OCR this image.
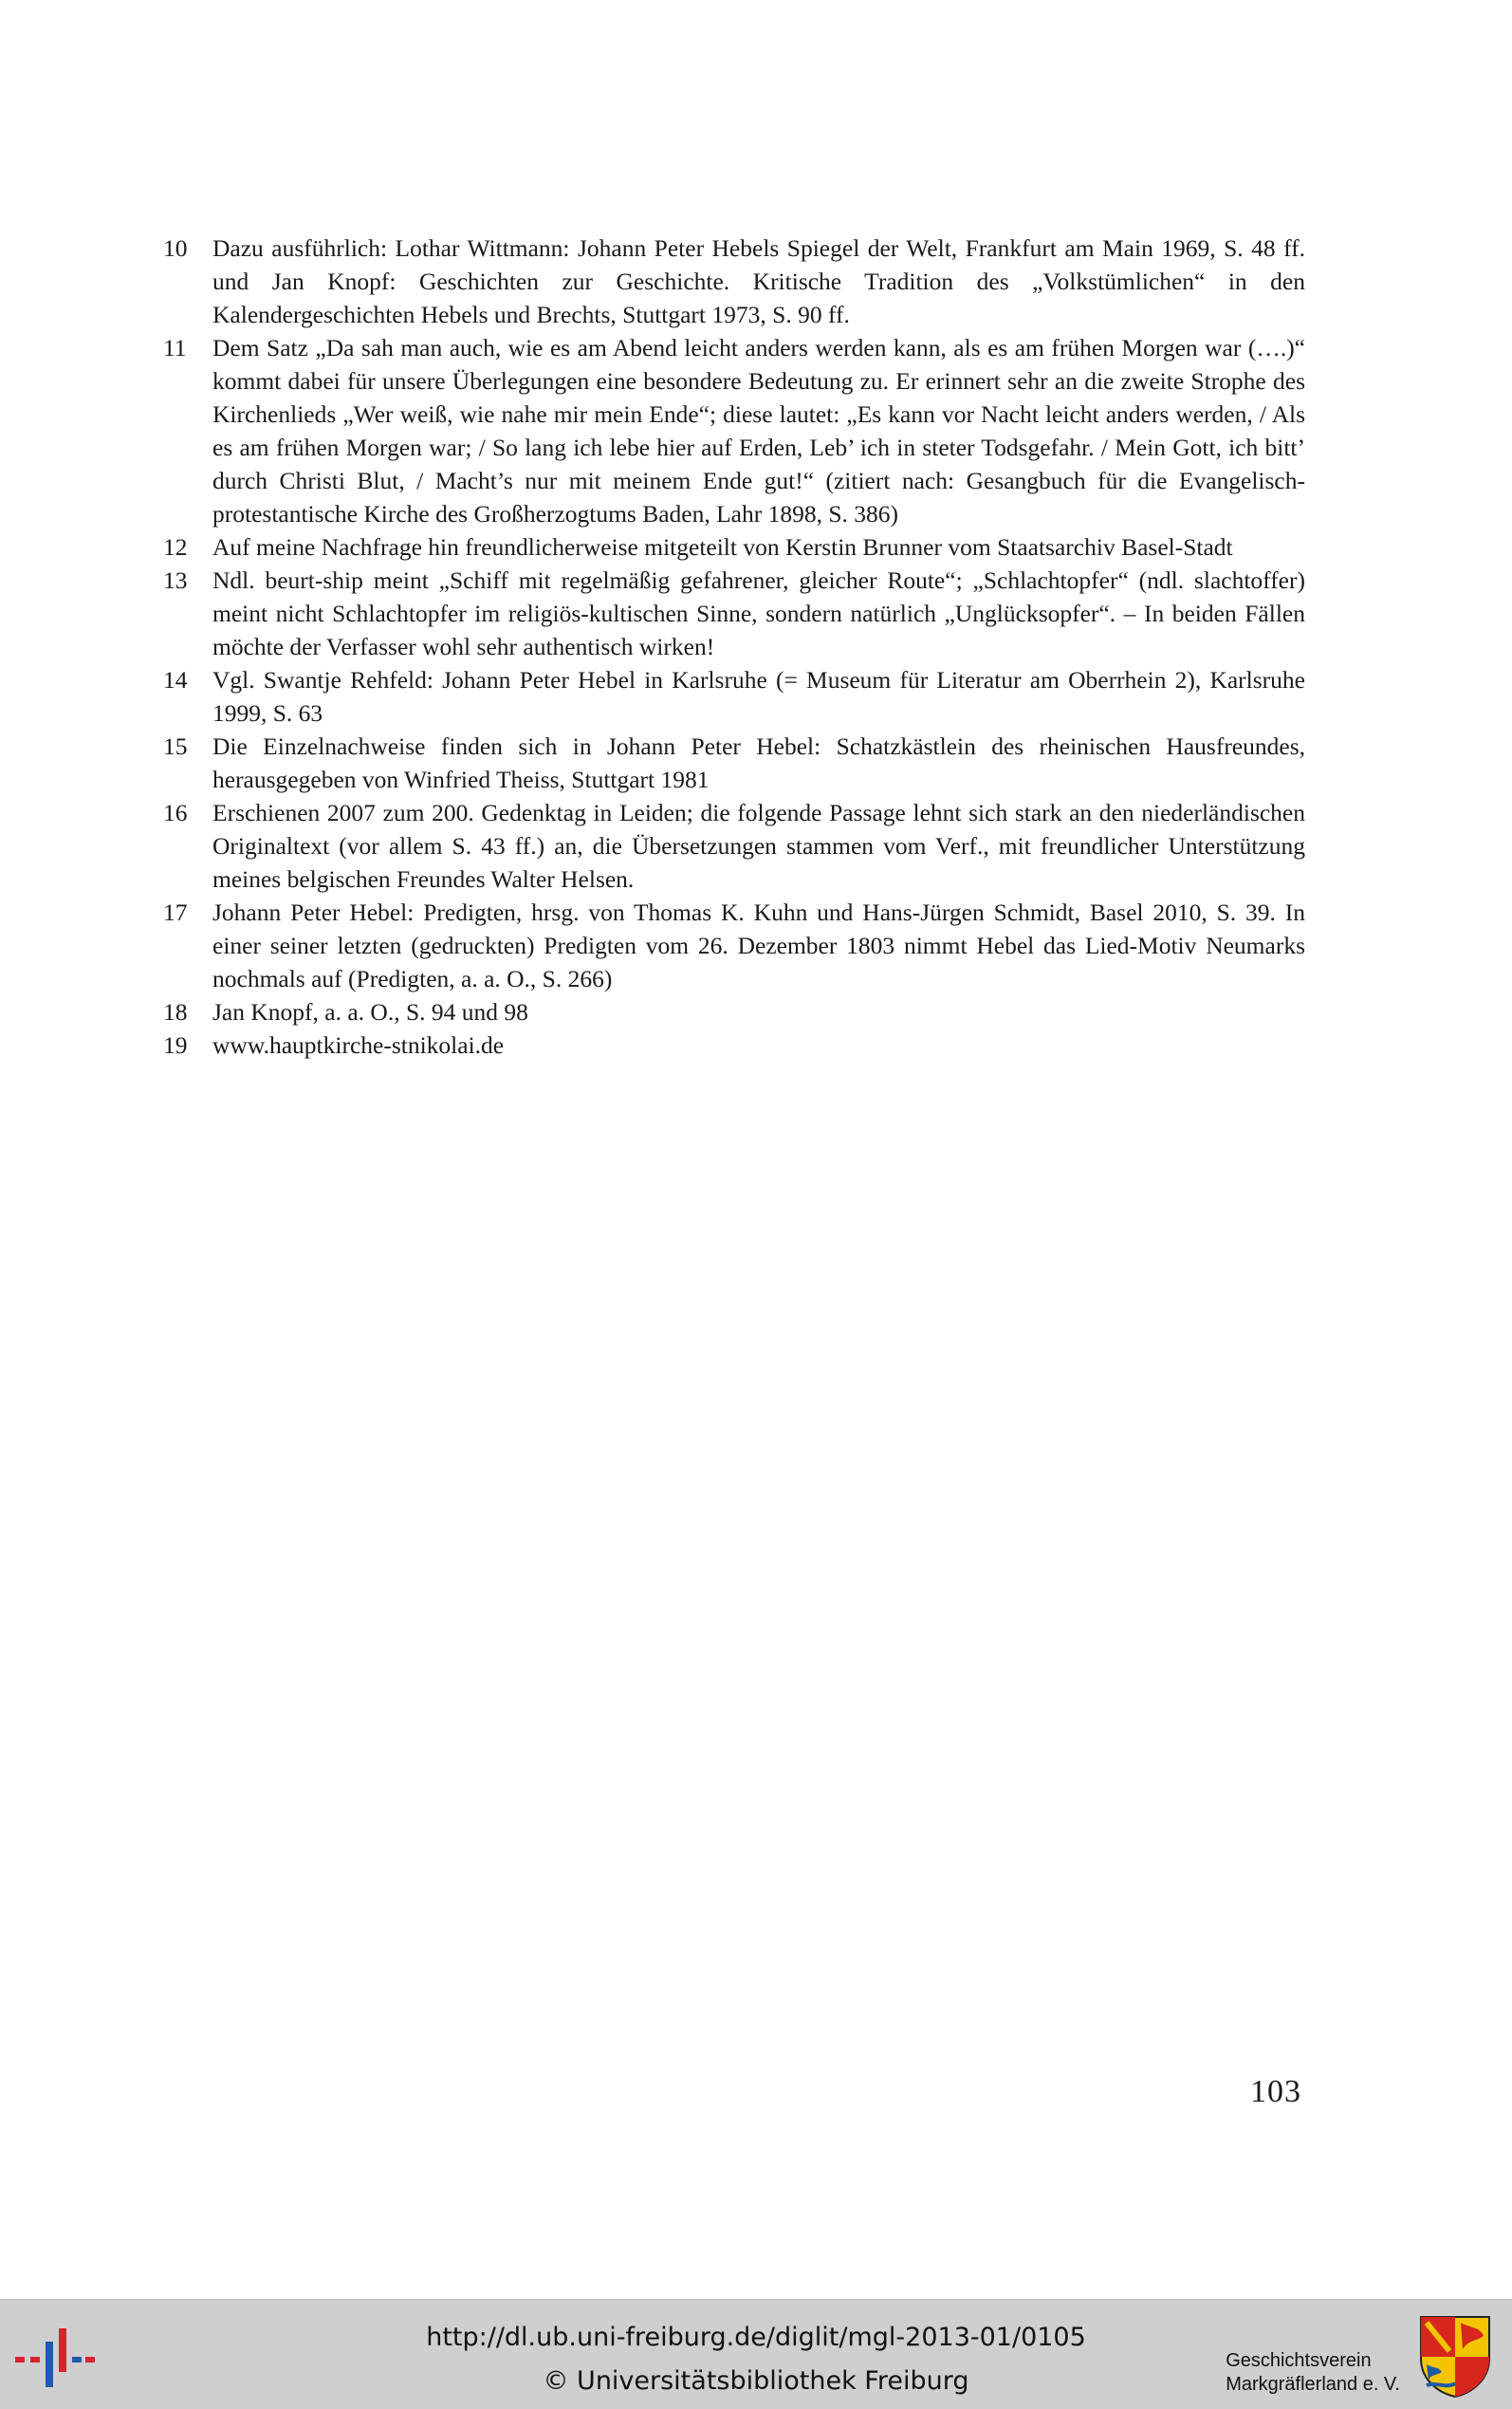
10	Dazu ausführlich: Lothar Wittmann: Johann Peter Hebels Spiegel der Welt, Frankfurt am Main 1969, S. 48 ff. und Jan Knopf: Geschichten zur Geschichte. Kritische Tradition des „Volkstümlichen“ in den Kalendergeschichten Hebels und Brechts, Stuttgart 1973, S. 90 ff.
11	Dem Satz „Da sah man auch, wie es am Abend leicht anders werden kann, als es am frühen Morgen war (….)“ kommt dabei für unsere Überlegungen eine besondere Bedeutung zu. Er erinnert sehr an die zweite Strophe des Kirchenlieds „Wer weiß, wie nahe mir mein Ende“; diese lautet: „Es kann vor Nacht leicht anders werden, / Als es am frühen Morgen war; / So lang ich lebe hier auf Erden, Leb’ ich in steter Todsgefahr. / Mein Gott, ich bitt’ durch Christi Blut, / Macht’s nur mit meinem Ende gut!“ (zitiert nach: Gesangbuch für die Evangelisch-protestantische Kirche des Großherzogtums Baden, Lahr 1898, S. 386)
12	Auf meine Nachfrage hin freundlicherweise mitgeteilt von Kerstin Brunner vom Staatsarchiv Basel-Stadt
13	Ndl. beurt-ship meint „Schiff mit regelmäßig gefahrener, gleicher Route“; „Schlachtopfer“ (ndl. slachtoffer) meint nicht Schlachtopfer im religiös-kultischen Sinne, sondern natürlich „Unglücksopfer“. – In beiden Fällen möchte der Verfasser wohl sehr authentisch wirken!
14	Vgl. Swantje Rehfeld: Johann Peter Hebel in Karlsruhe (= Museum für Literatur am Oberrhein 2), Karlsruhe 1999, S. 63
15	Die Einzelnachweise finden sich in Johann Peter Hebel: Schatzkästlein des rheinischen Hausfreundes, herausgegeben von Winfried Theiss, Stuttgart 1981
16	Erschienen 2007 zum 200. Gedenktag in Leiden; die folgende Passage lehnt sich stark an den niederländischen Originaltext (vor allem S. 43 ff.) an, die Übersetzungen stammen vom Verf., mit freundlicher Unterstützung meines belgischen Freundes Walter Helsen.
17	Johann Peter Hebel: Predigten, hrsg. von Thomas K. Kuhn und Hans-Jürgen Schmidt, Basel 2010, S. 39. In einer seiner letzten (gedruckten) Predigten vom 26. Dezember 1803 nimmt Hebel das Lied-Motiv Neumarks nochmals auf (Predigten, a. a. O., S. 266)
18	Jan Knopf, a. a. O., S. 94 und 98
19	www.hauptkirche-stnikolai.de
103
http://dl.ub.uni-freiburg.de/diglit/mgl-2013-01/0105
© Universitätsbibliothek Freiburg
Geschichtsverein
Markgräflerland e. V.
